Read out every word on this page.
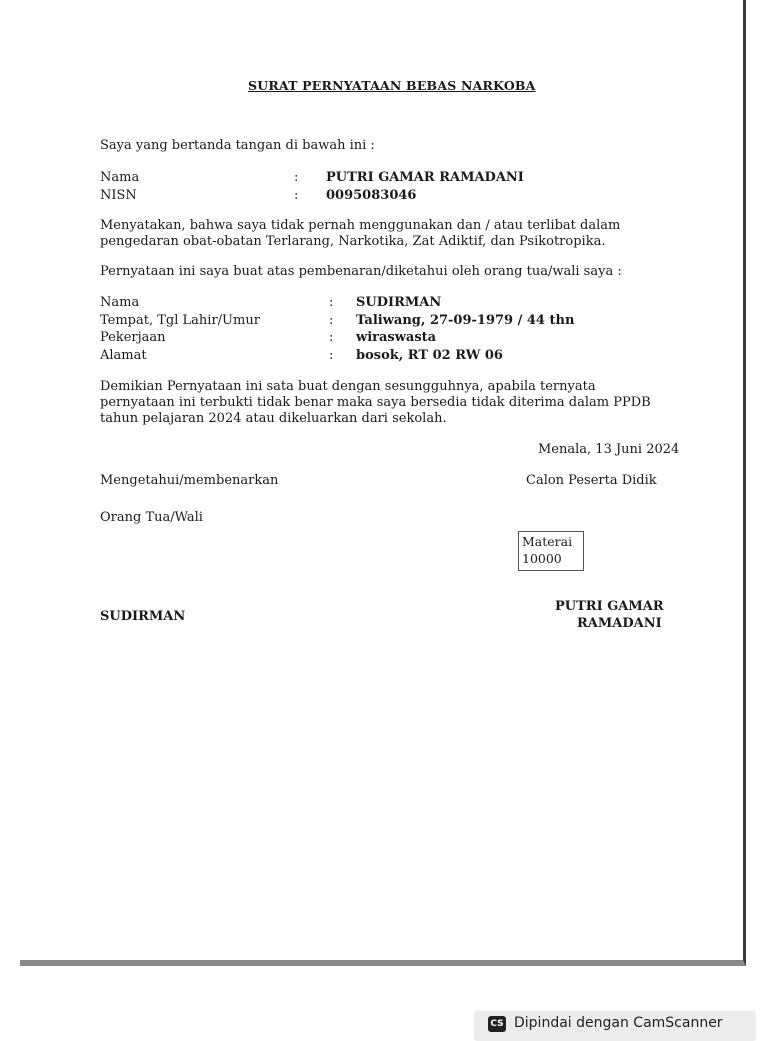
SURAT PERNYATAAN BEBAS NARKOBA
Saya yang bertanda tangan di bawah ini :
Nama	: PUTRI GAMAR RAMADANI
NISN	: 0095083046
Menyatakan, bahwa saya tidak pernah menggunakan dan / atau terlibat dalam
pengedaran obat-obatan Terlarang, Narkotika, Zat Adiktif, dan Psikotropika.
Pernyataan ini saya buat atas pembenaran/diketahui oleh orang tua/wali saya :
Nama	: SUDIRMAN
Tempat, Tgl Lahir/Umur	: Taliwang, 27-09-1979 / 44 thn
Pekerjaan	: wiraswasta
Alamat	: bosok, RT 02 RW 06
Demikian Pernyataan ini sata buat dengan sesungguhnya, apabila ternyata
pernyataan ini terbukti tidak benar maka saya bersedia tidak diterima dalam PPDB
tahun pelajaran 2024 atau dikeluarkan dari sekolah.
Menala, 13 Juni 2024
Mengetahui/membenarkan	Calon Peserta Didik
Orang Tua/Wali
Materai
10000
SUDIRMAN
PUTRI GAMAR
RAMADANI
CS Dipindai dengan CamScanner
